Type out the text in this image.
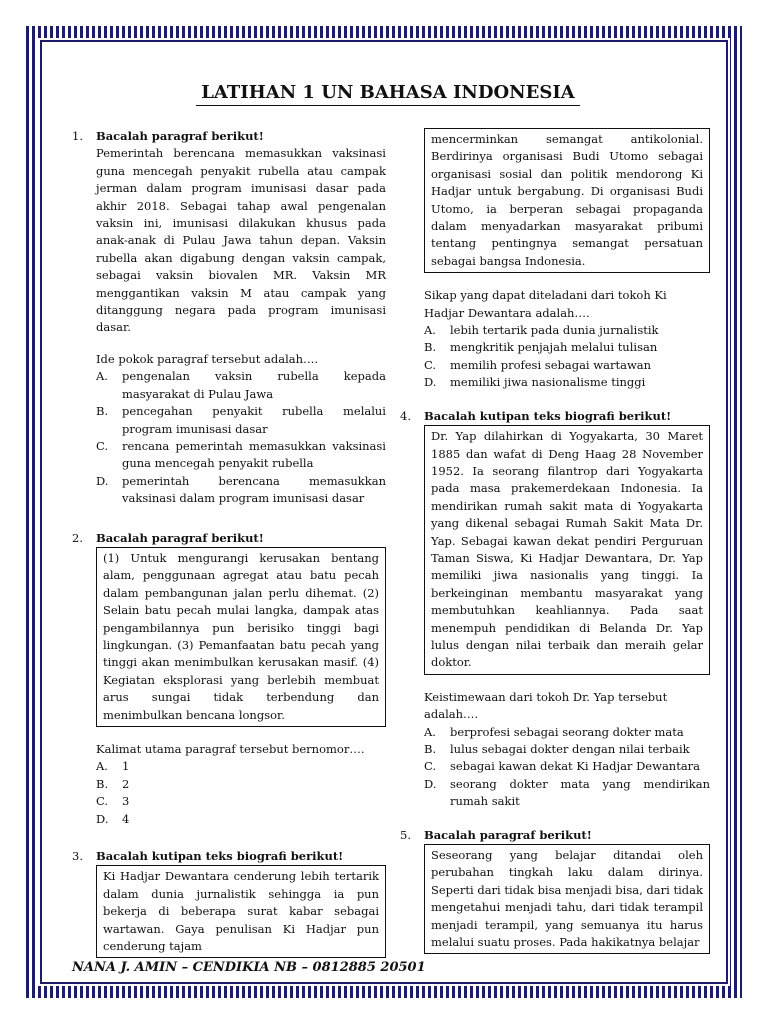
LATIHAN 1 UN BAHASA INDONESIA
1.	Bacalah paragraf berikut!
Pemerintah berencana memasukkan vaksinasi guna mencegah penyakit rubella atau campak jerman dalam program imunisasi dasar pada akhir 2018. Sebagai tahap awal pengenalan vaksin ini, imunisasi dilakukan khusus pada anak-anak di Pulau Jawa tahun depan. Vaksin rubella akan digabung dengan vaksin campak, sebagai vaksin biovalen MR. Vaksin MR menggantikan vaksin M atau campak yang ditanggung negara pada program imunisasi dasar.
Ide pokok paragraf tersebut adalah….
A.	pengenalan vaksin rubella kepada masyarakat di Pulau Jawa
B.	pencegahan penyakit rubella melalui program imunisasi dasar
C.	rencana pemerintah memasukkan vaksinasi guna mencegah penyakit rubella
D.	pemerintah berencana memasukkan vaksinasi dalam program imunisasi dasar
2.	Bacalah paragraf berikut!
(1) Untuk mengurangi kerusakan bentang alam, penggunaan agregat atau batu pecah dalam pembangunan jalan perlu dihemat. (2) Selain batu pecah mulai langka, dampak atas pengambilannya pun berisiko tinggi bagi lingkungan. (3) Pemanfaatan batu pecah yang tinggi akan menimbulkan kerusakan masif. (4) Kegiatan eksplorasi yang berlebih membuat arus sungai tidak terbendung dan menimbulkan bencana longsor.
Kalimat utama paragraf tersebut bernomor….
A.	1
B.	2
C.	3
D.	4
3.	Bacalah kutipan teks biografi berikut!
Ki Hadjar Dewantara cenderung lebih tertarik dalam dunia jurnalistik sehingga ia pun bekerja di beberapa surat kabar sebagai wartawan. Gaya penulisan Ki Hadjar pun cenderung tajam
mencerminkan semangat antikolonial. Berdirinya organisasi Budi Utomo sebagai organisasi sosial dan politik mendorong Ki Hadjar untuk bergabung. Di organisasi Budi Utomo, ia berperan sebagai propaganda dalam menyadarkan masyarakat pribumi tentang pentingnya semangat persatuan sebagai bangsa Indonesia.
Sikap yang dapat diteladani dari tokoh Ki Hadjar Dewantara adalah….
A.	lebih tertarik pada dunia jurnalistik
B.	mengkritik penjajah melalui tulisan
C.	memilih profesi sebagai wartawan
D.	memiliki jiwa nasionalisme tinggi
4.	Bacalah kutipan teks biografi berikut!
Dr. Yap dilahirkan di Yogyakarta, 30 Maret 1885 dan wafat di Deng Haag 28 November 1952. Ia seorang filantrop dari Yogyakarta pada masa prakemerdekaan Indonesia. Ia mendirikan rumah sakit mata di Yogyakarta yang dikenal sebagai Rumah Sakit Mata Dr. Yap. Sebagai kawan dekat pendiri Perguruan Taman Siswa, Ki Hadjar Dewantara, Dr. Yap memiliki jiwa nasionalis yang tinggi. Ia berkeinginan membantu masyarakat yang membutuhkan keahliannya. Pada saat menempuh pendidikan di Belanda Dr. Yap lulus dengan nilai terbaik dan meraih gelar doktor.
Keistimewaan dari tokoh Dr. Yap tersebut adalah….
A.	berprofesi sebagai seorang dokter mata
B.	lulus sebagai dokter dengan nilai terbaik
C.	sebagai kawan dekat Ki Hadjar Dewantara
D.	seorang dokter mata yang mendirikan rumah sakit
5.	Bacalah paragraf berikut!
Seseorang yang belajar ditandai oleh perubahan tingkah laku dalam dirinya. Seperti dari tidak bisa menjadi bisa, dari tidak mengetahui menjadi tahu, dari tidak terampil menjadi terampil, yang semuanya itu harus melalui suatu proses. Pada hakikatnya belajar
NANA J. AMIN – CENDIKIA NB – 0812885 20501
